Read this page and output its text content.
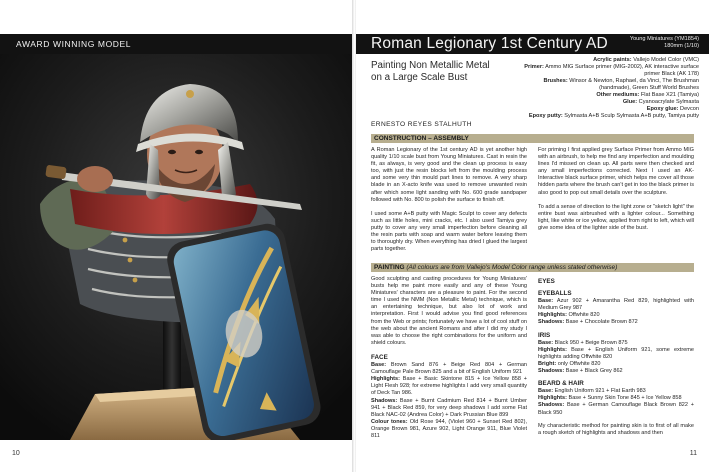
AWARD WINNING MODEL
10
Roman Legionary 1st Century AD	Young Miniatures (YM1854)
180mm (1/10)
Painting Non Metallic Metal
on a Large Scale Bust
Acrylic paints: Vallejo Model Color (VMC)
Primer: Ammo MIG Surface primer (MIG-2002), AK interactive surface primer Black (AK 178)
Brushes: Winsor & Newton, Raphael, da Vinci, The Brushman (handmade), Green Stuff World Brushes
Other mediums: Flat Base X21 (Tamiya)
Glue: Cyanoacrylate Sylmasta
Epoxy glue: Devcon
Epoxy putty: Sylmasta A+B Sculp Sylmasta A+B putty, Tamiya putty
ERNESTO REYES STALHUTH
CONSTRUCTION – ASSEMBLY

A Roman Legionary of the 1st century AD is yet another high quality 1/10 scale bust from Young Miniatures. Cast in resin the fit, as always, is very good and the clean up process is easy too, with just the resin blocks left from the moulding process and some very thin mould part lines to remove. A very sharp blade in an X-acto knife was used to remove unwanted resin after which some light sanding with No. 600 grade sandpaper followed with No. 800 to polish the surface to finish off.

I used some A+B putty with Magic Sculpt to cover any defects such as little holes, mini cracks, etc. I also used Tamiya grey putty to cover any very small imperfection before cleaning all the resin parts with soap and warm water before leaving them to thoroughly dry. When everything has dried I glued the largest parts together.

For priming I first applied grey Surface Primer from Ammo MIG with an airbrush, to help me find any imperfection and moulding lines I'd missed on clean up. All parts were then checked and any small imperfections corrected. Next I used an AK-Interactive black surface primer, which helps me cover all those hidden parts where the brush can't get in too the black primer is also good to pop out small details over the sculpture.

To add a sense of direction to the light zone or "sketch light" the entire bust was airbrushed with a lighter colour... Something light, like white or ice yellow, applied from right to left, which will give some idea of the lighter side of the bust.

PAINTING (All colours are from Vallejo's Model Color range unless stated otherwise)

Good sculpting and casting procedures for Young Miniatures' busts help me paint more easily and any of these Young Miniatures' characters are a pleasure to paint. For the second time I used the NMM (Non Metallic Metal) technique, which is an entertaining technique, but also lot of work and interpretation. First I would advise you find good references from the Web or prints; fortunately we have a lot of cool stuff on the web about the ancient Romans and after I did my study I was able to choose the right combinations for the uniform and shield colours.

FACE
Base: Brown Sand 876 + Beige Red 804 + German Camouflage Pale Brown 825 and a bit of English Uniform 921
Highlights: Base + Basic Skintone 815 + Ice Yellow 858 + Light Flesh 928; for extreme highlights I add very small quantity of Deck Tan 986.
Shadows: Base + Burnt Cadmium Red 814 + Burnt Umber 941 + Black Red 859, for very deep shadows I add some Flat Black NAC-02 (Andrea Color) + Dark Prussian Blue 899
Colour tones: Old Rose 944, (Violet 960 + Sunset Red 802), Orange Brown 981, Azure 902, Light Orange 911, Blue Violet 811
EYES
EYEBALLS
Base: Azur 902 + Amarantha Red 829, highlighted with Medium Grey 987
Highlights: Offwhite 820
Shadows: Base + Chocolate Brown 872
IRIS
Base: Black 950 + Beige Brown 875
Highlights: Base + English Uniform 921, some extreme highlights adding Offwhite 820
Bright: only Offwhite 820
Shadows: Base + Black Grey 862
BEARD & HAIR
Base: English Uniform 921 + Flat Earth 983
Highlights: Base + Sunny Skin Tone 845 + Ice Yellow 858
Shadows: Base + German Camouflage Black Brown 822 + Black 950

My characteristic method for painting skin is to first of all make a rough sketch of highlights and shadows and then

11
